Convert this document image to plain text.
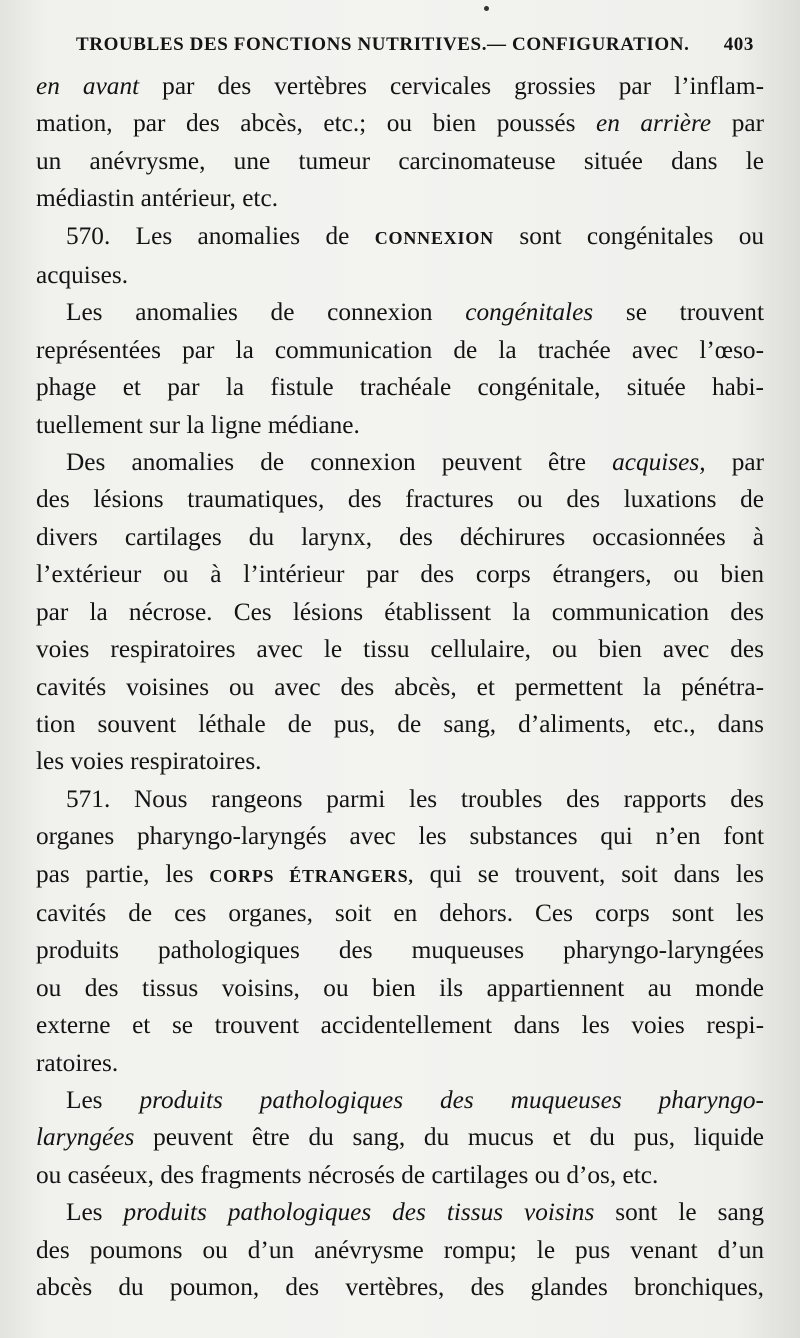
TROUBLES DES FONCTIONS NUTRITIVES.— CONFIGURATION. 403

en avant par des vertèbres cervicales grossies par l’inflam-

mation, par des abcès, etc.; ou bien poussés en arrière par

un anévrysme, une tumeur carcinomateuse située dans le

médiastin antérieur, etc.

570. Les anomalies de CONNEXION sont congénitales ou

acquises.

Les anomalies de connexion congénitales se trouvent

représentées par la communication de la trachée avec l’œso-

phage et par la fistule trachéale congénitale, située habi-

tuellement sur la ligne médiane.

Des anomalies de connexion peuvent être acquises, par

des lésions traumatiques, des fractures ou des luxations de

divers cartilages du larynx, des déchirures occasionnées à

l’extérieur ou à l’intérieur par des corps étrangers, ou bien

par la nécrose. Ces lésions établissent la communication des

voies respiratoires avec le tissu cellulaire, ou bien avec des

cavités voisines ou avec des abcès, et permettent la pénétra-

tion souvent léthale de pus, de sang, d’aliments, etc., dans

les voies respiratoires.

571. Nous rangeons parmi les troubles des rapports des

organes pharyngo-laryngés avec les substances qui n’en font

pas partie, les CORPS ÉTRANGERS, qui se trouvent, soit dans les

cavités de ces organes, soit en dehors. Ces corps sont les

produits pathologiques des muqueuses pharyngo-laryngées

ou des tissus voisins, ou bien ils appartiennent au monde

externe et se trouvent accidentellement dans les voies respi-

ratoires.

Les produits pathologiques des muqueuses pharyngo-

laryngées peuvent être du sang, du mucus et du pus, liquide

ou caséeux, des fragments nécrosés de cartilages ou d’os, etc.

Les produits pathologiques des tissus voisins sont le sang

des poumons ou d’un anévrysme rompu; le pus venant d’un

abcès du poumon, des vertèbres, des glandes bronchiques,
